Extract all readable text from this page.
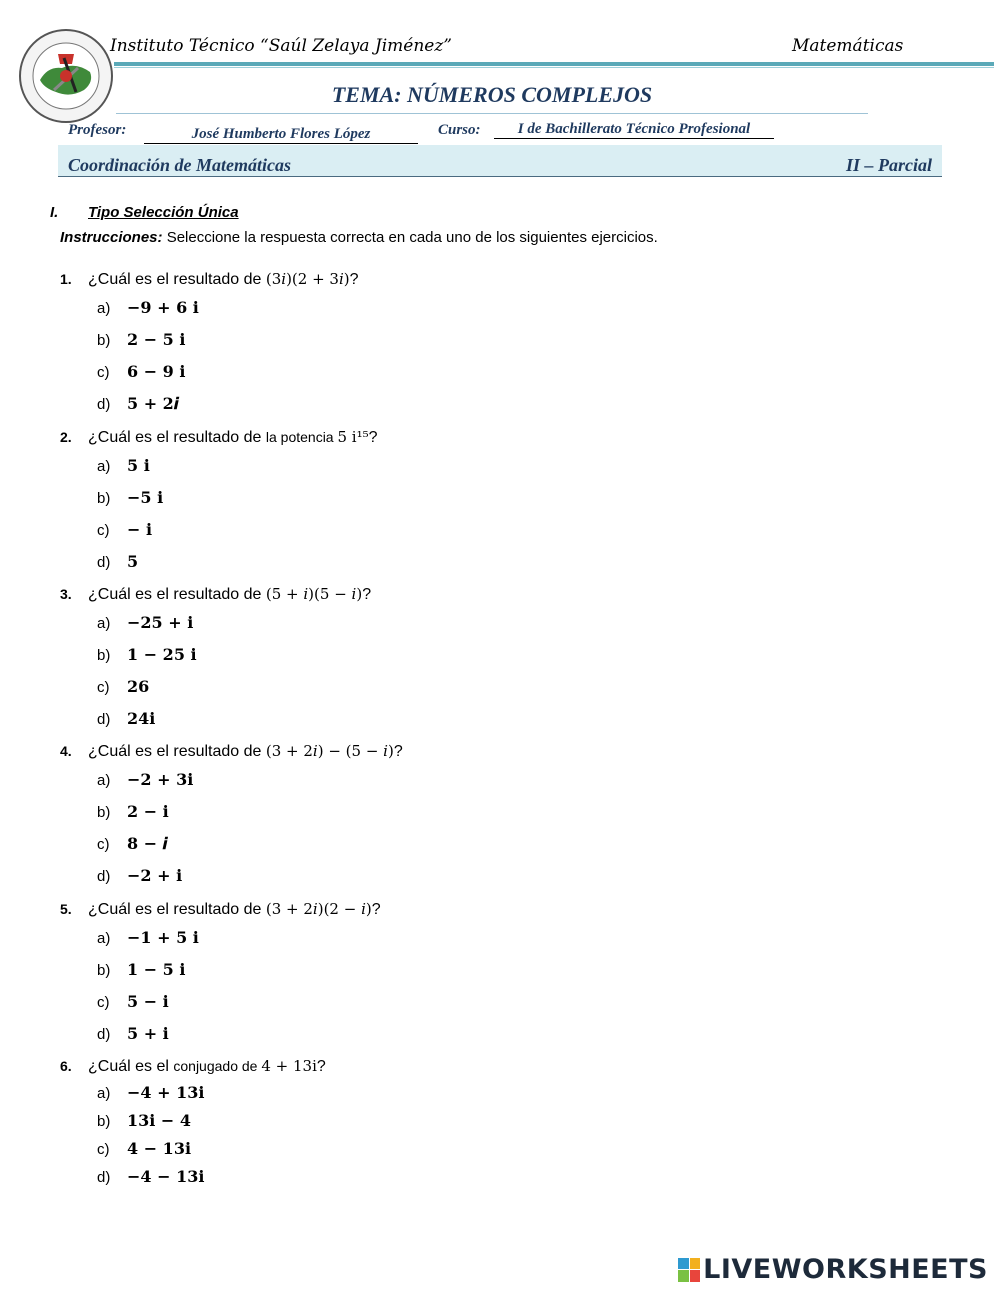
Instituto Técnico “Saúl Zelaya Jiménez”	Matemáticas
TEMA: NÚMEROS COMPLEJOS
Profesor:	José Humberto Flores López	Curso:	I de Bachillerato Técnico Profesional
Coordinación de Matemáticas	II – Parcial
I. Tipo Selección Única
Instrucciones: Seleccione la respuesta correcta en cada uno de los siguientes ejercicios.
1. ¿Cuál es el resultado de (3𝑖)(2 + 3𝑖)?
a) −9 + 6 i
b) 2 − 5 i
c) 6 − 9 i
d) 5 + 2𝒊
2. ¿Cuál es el resultado de la potencia 5 i¹⁵?
a) 5 i
b) −5 i
c) − i
d) 5
3. ¿Cuál es el resultado de (5 + 𝑖)(5 − 𝑖)?
a) −25 + i
b) 1 − 25 i
c) 26
d) 24i
4. ¿Cuál es el resultado de (3 + 2𝑖) − (5 − 𝑖)?
a) −2 + 3i
b) 2 − i
c) 8 − 𝒊
d) −2 + i
5. ¿Cuál es el resultado de (3 + 2𝑖)(2 − 𝑖)?
a) −1 + 5 i
b) 1 − 5 i
c) 5 − i
d) 5 + i
6. ¿Cuál es el conjugado de 4 + 13i?
a) −4 + 13i
b) 13i − 4
c) 4 − 13i
d) −4 − 13i
LIVEWORKSHEETS
